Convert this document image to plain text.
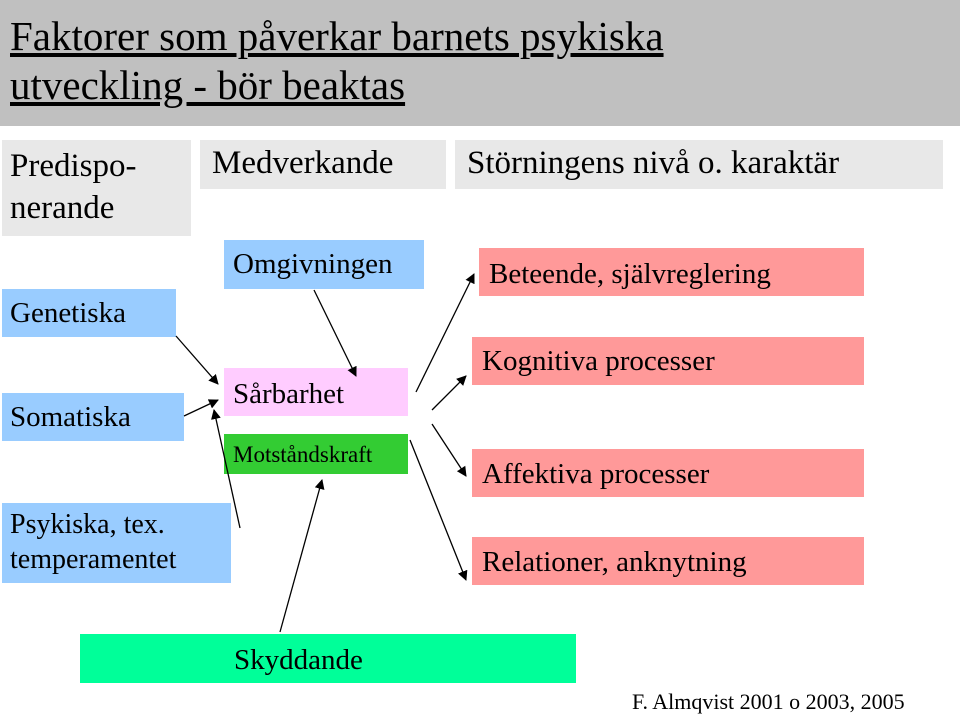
Faktorer som påverkar barnets psykiska
utveckling - bör beaktas
Predispo-
nerande
Medverkande	Störningens nivå o. karaktär
Genetiska
Somatiska
Psykiska, tex.
temperamentet
Omgivningen
Sårbarhet
Motståndskraft
Beteende, självreglering
Kognitiva processer
Affektiva processer
Relationer, anknytning
Skyddande
F. Almqvist 2001 o 2003, 2005
